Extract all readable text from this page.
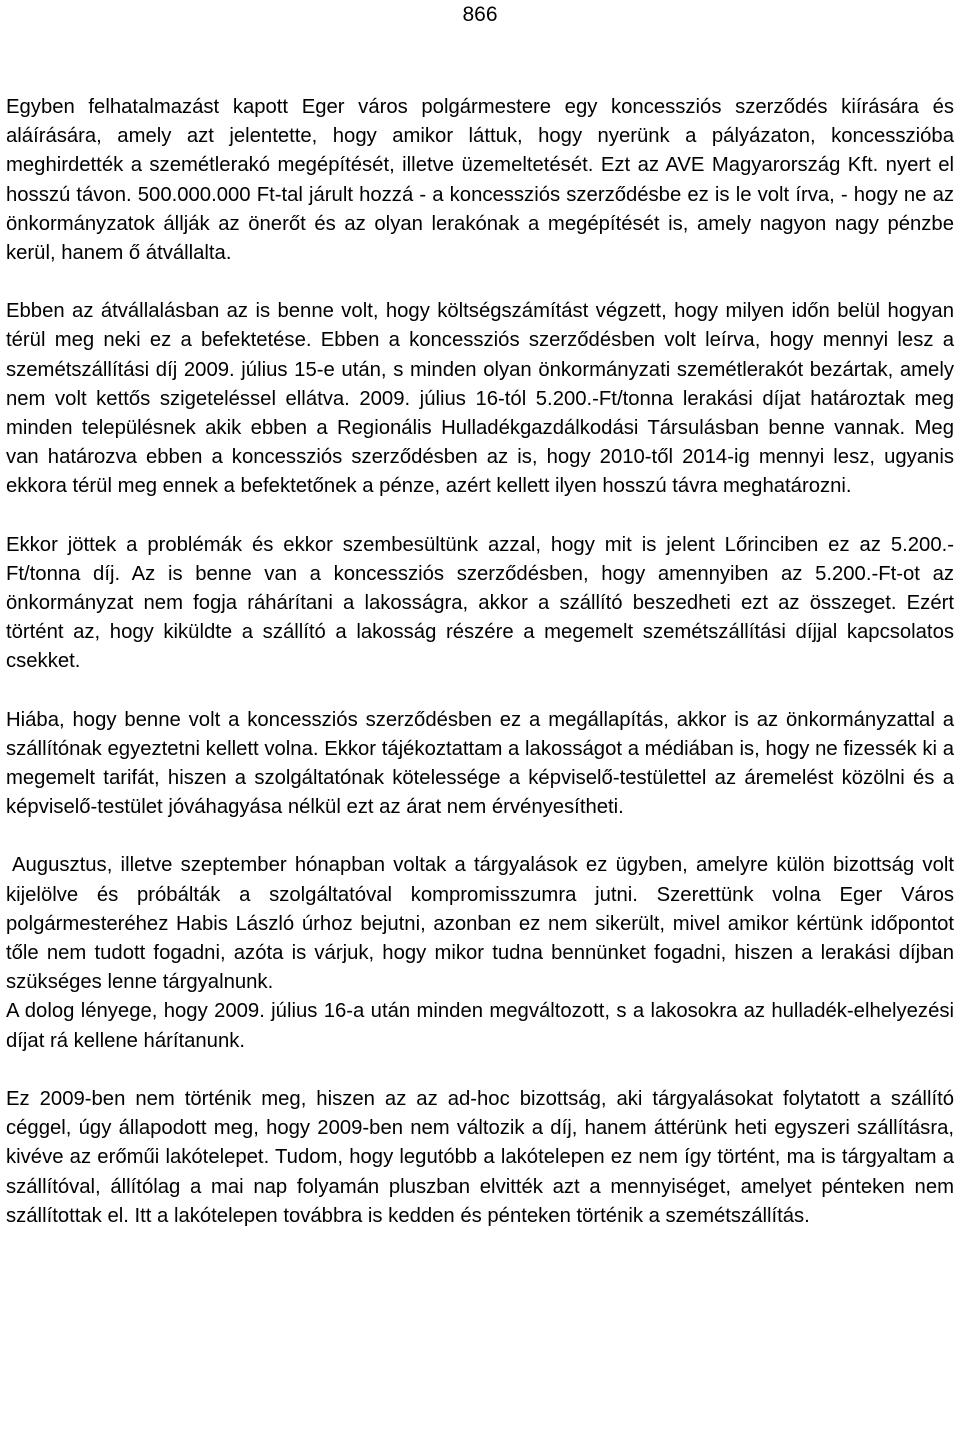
866

Egyben felhatalmazást kapott Eger város polgármestere egy koncessziós szerződés kiírására és aláírására, amely azt jelentette, hogy amikor láttuk, hogy nyerünk a pályázaton, koncesszióba meghirdették a szemétlerakó megépítését, illetve üzemeltetését. Ezt az AVE Magyarország Kft. nyert el hosszú távon. 500.000.000 Ft-tal járult hozzá - a koncessziós szerződésbe ez is le volt írva, - hogy ne az önkormányzatok állják az önerőt és az olyan lerakónak a megépítését is, amely nagyon nagy pénzbe kerül, hanem ő átvállalta.

Ebben az átvállalásban az is benne volt, hogy költségszámítást végzett, hogy milyen időn belül hogyan térül meg neki ez a befektetése. Ebben a koncessziós szerződésben volt leírva, hogy mennyi lesz a szemétszállítási díj 2009. július 15-e után, s minden olyan önkormányzati szemétlerakót bezártak, amely nem volt kettős szigeteléssel ellátva. 2009. július 16-tól 5.200.-Ft/tonna lerakási díjat határoztak meg minden településnek akik ebben a Regionális Hulladékgazdálkodási Társulásban benne vannak. Meg van határozva ebben a koncessziós szerződésben az is, hogy 2010-től 2014-ig mennyi lesz, ugyanis ekkora térül meg ennek a befektetőnek a pénze, azért kellett ilyen hosszú távra meghatározni.

Ekkor jöttek a problémák és ekkor szembesültünk azzal, hogy mit is jelent Lőrinciben ez az 5.200.-Ft/tonna díj. Az is benne van a koncessziós szerződésben, hogy amennyiben az 5.200.-Ft-ot az önkormányzat nem fogja ráhárítani a lakosságra, akkor a szállító beszedheti ezt az összeget. Ezért történt az, hogy kiküldte a szállító a lakosság részére a megemelt szemétszállítási díjjal kapcsolatos csekket.

Hiába, hogy benne volt a koncessziós szerződésben ez a megállapítás, akkor is az önkormányzattal a szállítónak egyeztetni kellett volna. Ekkor tájékoztattam a lakosságot a médiában is, hogy ne fizessék ki a megemelt tarifát, hiszen a szolgáltatónak kötelessége a képviselő-testülettel az áremelést közölni és a képviselő-testület jóváhagyása nélkül ezt az árat nem érvényesítheti.

Augusztus, illetve szeptember hónapban voltak a tárgyalások ez ügyben, amelyre külön bizottság volt kijelölve és próbálták a szolgáltatóval kompromisszumra jutni. Szerettünk volna Eger Város polgármesteréhez Habis László úrhoz bejutni, azonban ez nem sikerült, mivel amikor kértünk időpontot tőle nem tudott fogadni, azóta is várjuk, hogy mikor tudna bennünket fogadni, hiszen a lerakási díjban szükséges lenne tárgyalnunk.

A dolog lényege, hogy 2009. július 16-a után minden megváltozott, s a lakosokra az hulladék-elhelyezési díjat rá kellene hárítanunk.

Ez 2009-ben nem történik meg, hiszen az az ad-hoc bizottság, aki tárgyalásokat folytatott a szállító céggel, úgy állapodott meg, hogy 2009-ben nem változik a díj, hanem áttérünk heti egyszeri szállításra, kivéve az erőműi lakótelepet. Tudom, hogy legutóbb a lakótelepen ez nem így történt, ma is tárgyaltam a szállítóval, állítólag a mai nap folyamán pluszban elvitték azt a mennyiséget, amelyet pénteken nem szállítottak el. Itt a lakótelepen továbbra is kedden és pénteken történik a szemétszállítás.
